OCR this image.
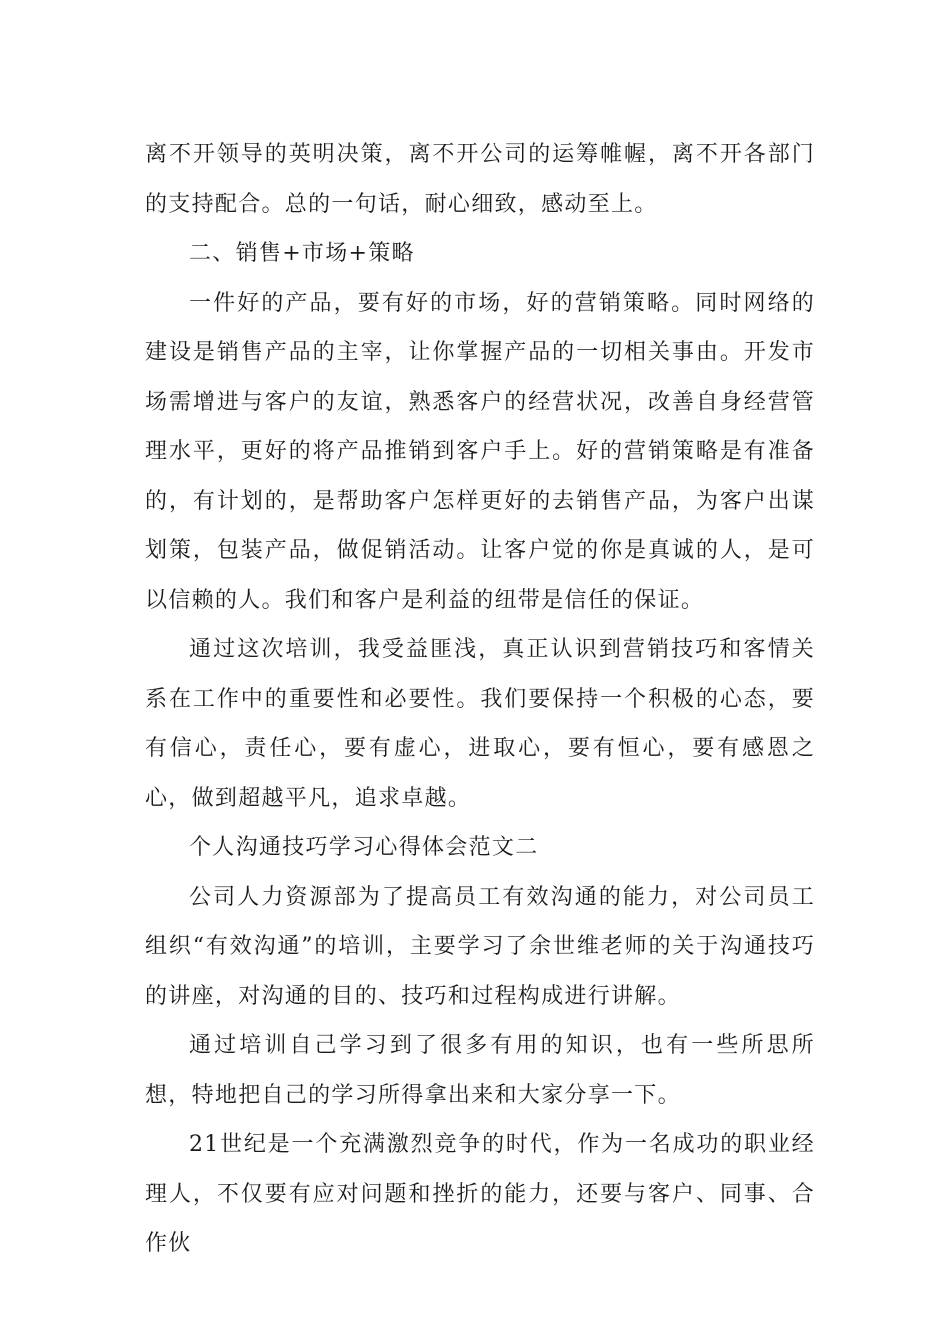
离不开领导的英明决策，离不开公司的运筹帷幄，离不开各部门的支持配合。总的一句话，耐心细致，感动至上。

二、销售+市场+策略

一件好的产品，要有好的市场，好的营销策略。同时网络的建设是销售产品的主宰，让你掌握产品的一切相关事由。开发市场需增进与客户的友谊，熟悉客户的经营状况，改善自身经营管理水平，更好的将产品推销到客户手上。好的营销策略是有准备的，有计划的，是帮助客户怎样更好的去销售产品，为客户出谋划策，包装产品，做促销活动。让客户觉的你是真诚的人，是可以信赖的人。我们和客户是利益的纽带是信任的保证。

通过这次培训，我受益匪浅，真正认识到营销技巧和客情关系在工作中的重要性和必要性。我们要保持一个积极的心态，要有信心，责任心，要有虚心，进取心，要有恒心，要有感恩之心，做到超越平凡，追求卓越。

个人沟通技巧学习心得体会范文二

公司人力资源部为了提高员工有效沟通的能力，对公司员工组织“有效沟通”的培训，主要学习了余世维老师的关于沟通技巧的讲座，对沟通的目的、技巧和过程构成进行讲解。

通过培训自己学习到了很多有用的知识，也有一些所思所想，特地把自己的学习所得拿出来和大家分享一下。

21世纪是一个充满激烈竞争的时代，作为一名成功的职业经理人，不仅要有应对问题和挫折的能力，还要与客户、同事、合作伙
